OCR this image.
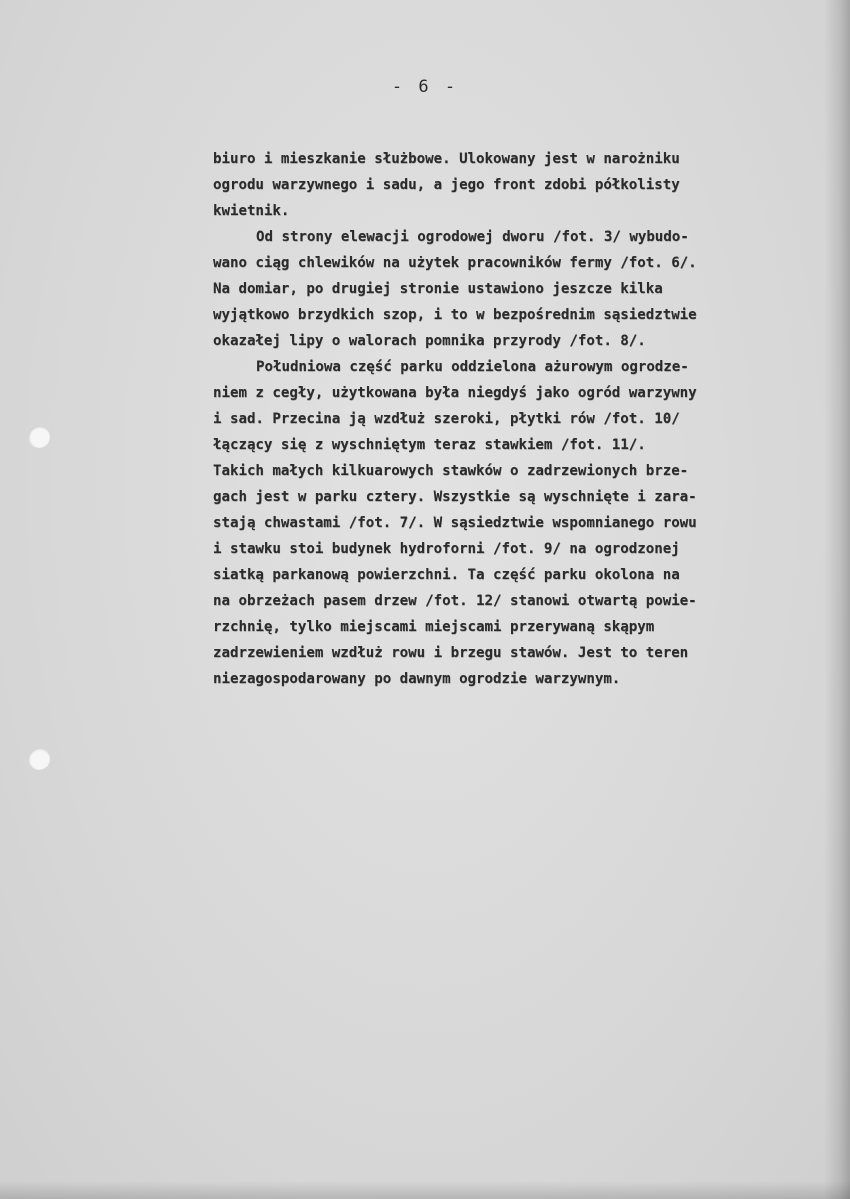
- 6 -
biuro i mieszkanie służbowe. Ulokowany jest w narożniku
ogrodu warzywnego i sadu, a jego front zdobi półkolisty
kwietnik.
Od strony elewacji ogrodowej dworu /fot. 3/ wybudo-
wano ciąg chlewików na użytek pracowników fermy /fot. 6/.
Na domiar, po drugiej stronie ustawiono jeszcze kilka
wyjątkowo brzydkich szop, i to w bezpośrednim sąsiedztwie
okazałej lipy o walorach pomnika przyrody /fot. 8/.
Południowa część parku oddzielona ażurowym ogrodze-
niem z cegły, użytkowana była niegdyś jako ogród warzywny
i sad. Przecina ją wzdłuż szeroki, płytki rów /fot. 10/
łączący się z wyschniętym teraz stawkiem /fot. 11/.
Takich małych kilkuarowych stawków o zadrzewionych brze-
gach jest w parku cztery. Wszystkie są wyschnięte i zara-
stają chwastami /fot. 7/. W sąsiedztwie wspomnianego rowu
i stawku stoi budynek hydroforni /fot. 9/ na ogrodzonej
siatką parkanową powierzchni. Ta część parku okolona na
na obrzeżach pasem drzew /fot. 12/ stanowi otwartą powie-
rzchnię, tylko miejscami miejscami przerywaną skąpym
zadrzewieniem wzdłuż rowu i brzegu stawów. Jest to teren
niezagospodarowany po dawnym ogrodzie warzywnym.
